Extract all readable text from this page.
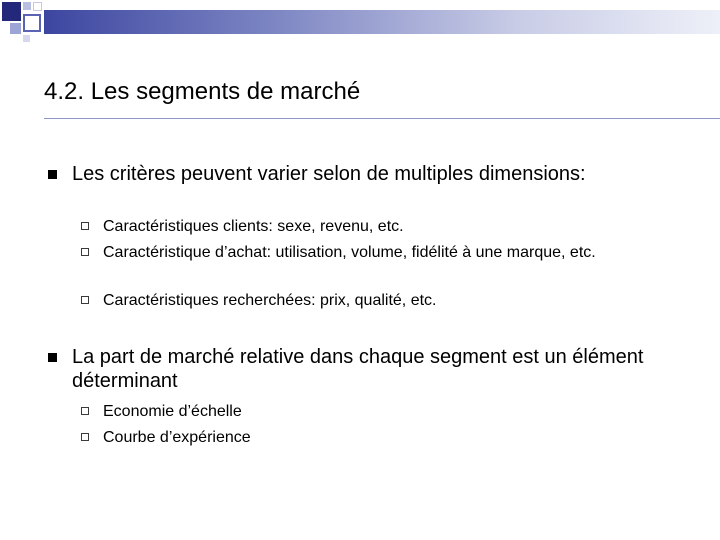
4.2. Les segments de marché
Les critères peuvent varier selon de multiples dimensions:
Caractéristiques clients: sexe, revenu, etc.
Caractéristique d’achat: utilisation, volume, fidélité à une marque, etc.
Caractéristiques recherchées: prix, qualité, etc.
La part de marché relative dans chaque segment est un élément déterminant
Economie d’échelle
Courbe d’expérience
